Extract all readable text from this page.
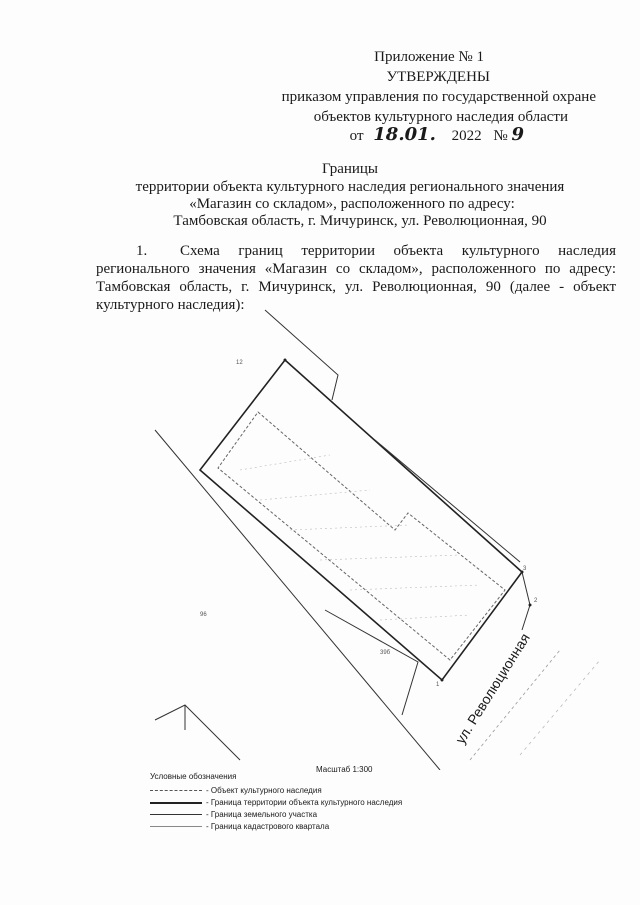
Приложение № 1
УТВЕРЖДЕНЫ
приказом управления по государственной охране
объектов культурного наследия области
от 18.01. 2022 № 9
Границы
территории объекта культурного наследия регионального значения
«Магазин со складом», расположенного по адресу:
Тамбовская область, г. Мичуринск, ул. Революционная, 90
1. Схема границ территории объекта культурного наследия регионального значения «Магазин со складом», расположенного по адресу: Тамбовская область, г. Мичуринск, ул. Революционная, 90 (далее - объект культурного наследия):
12
96
39б
3
2
1 ул. Революционная
Масштаб 1:300
Условные обозначения
- Объект культурного наследия
- Граница территории объекта культурного наследия
- Граница земельного участка
- Граница кадастрового квартала
